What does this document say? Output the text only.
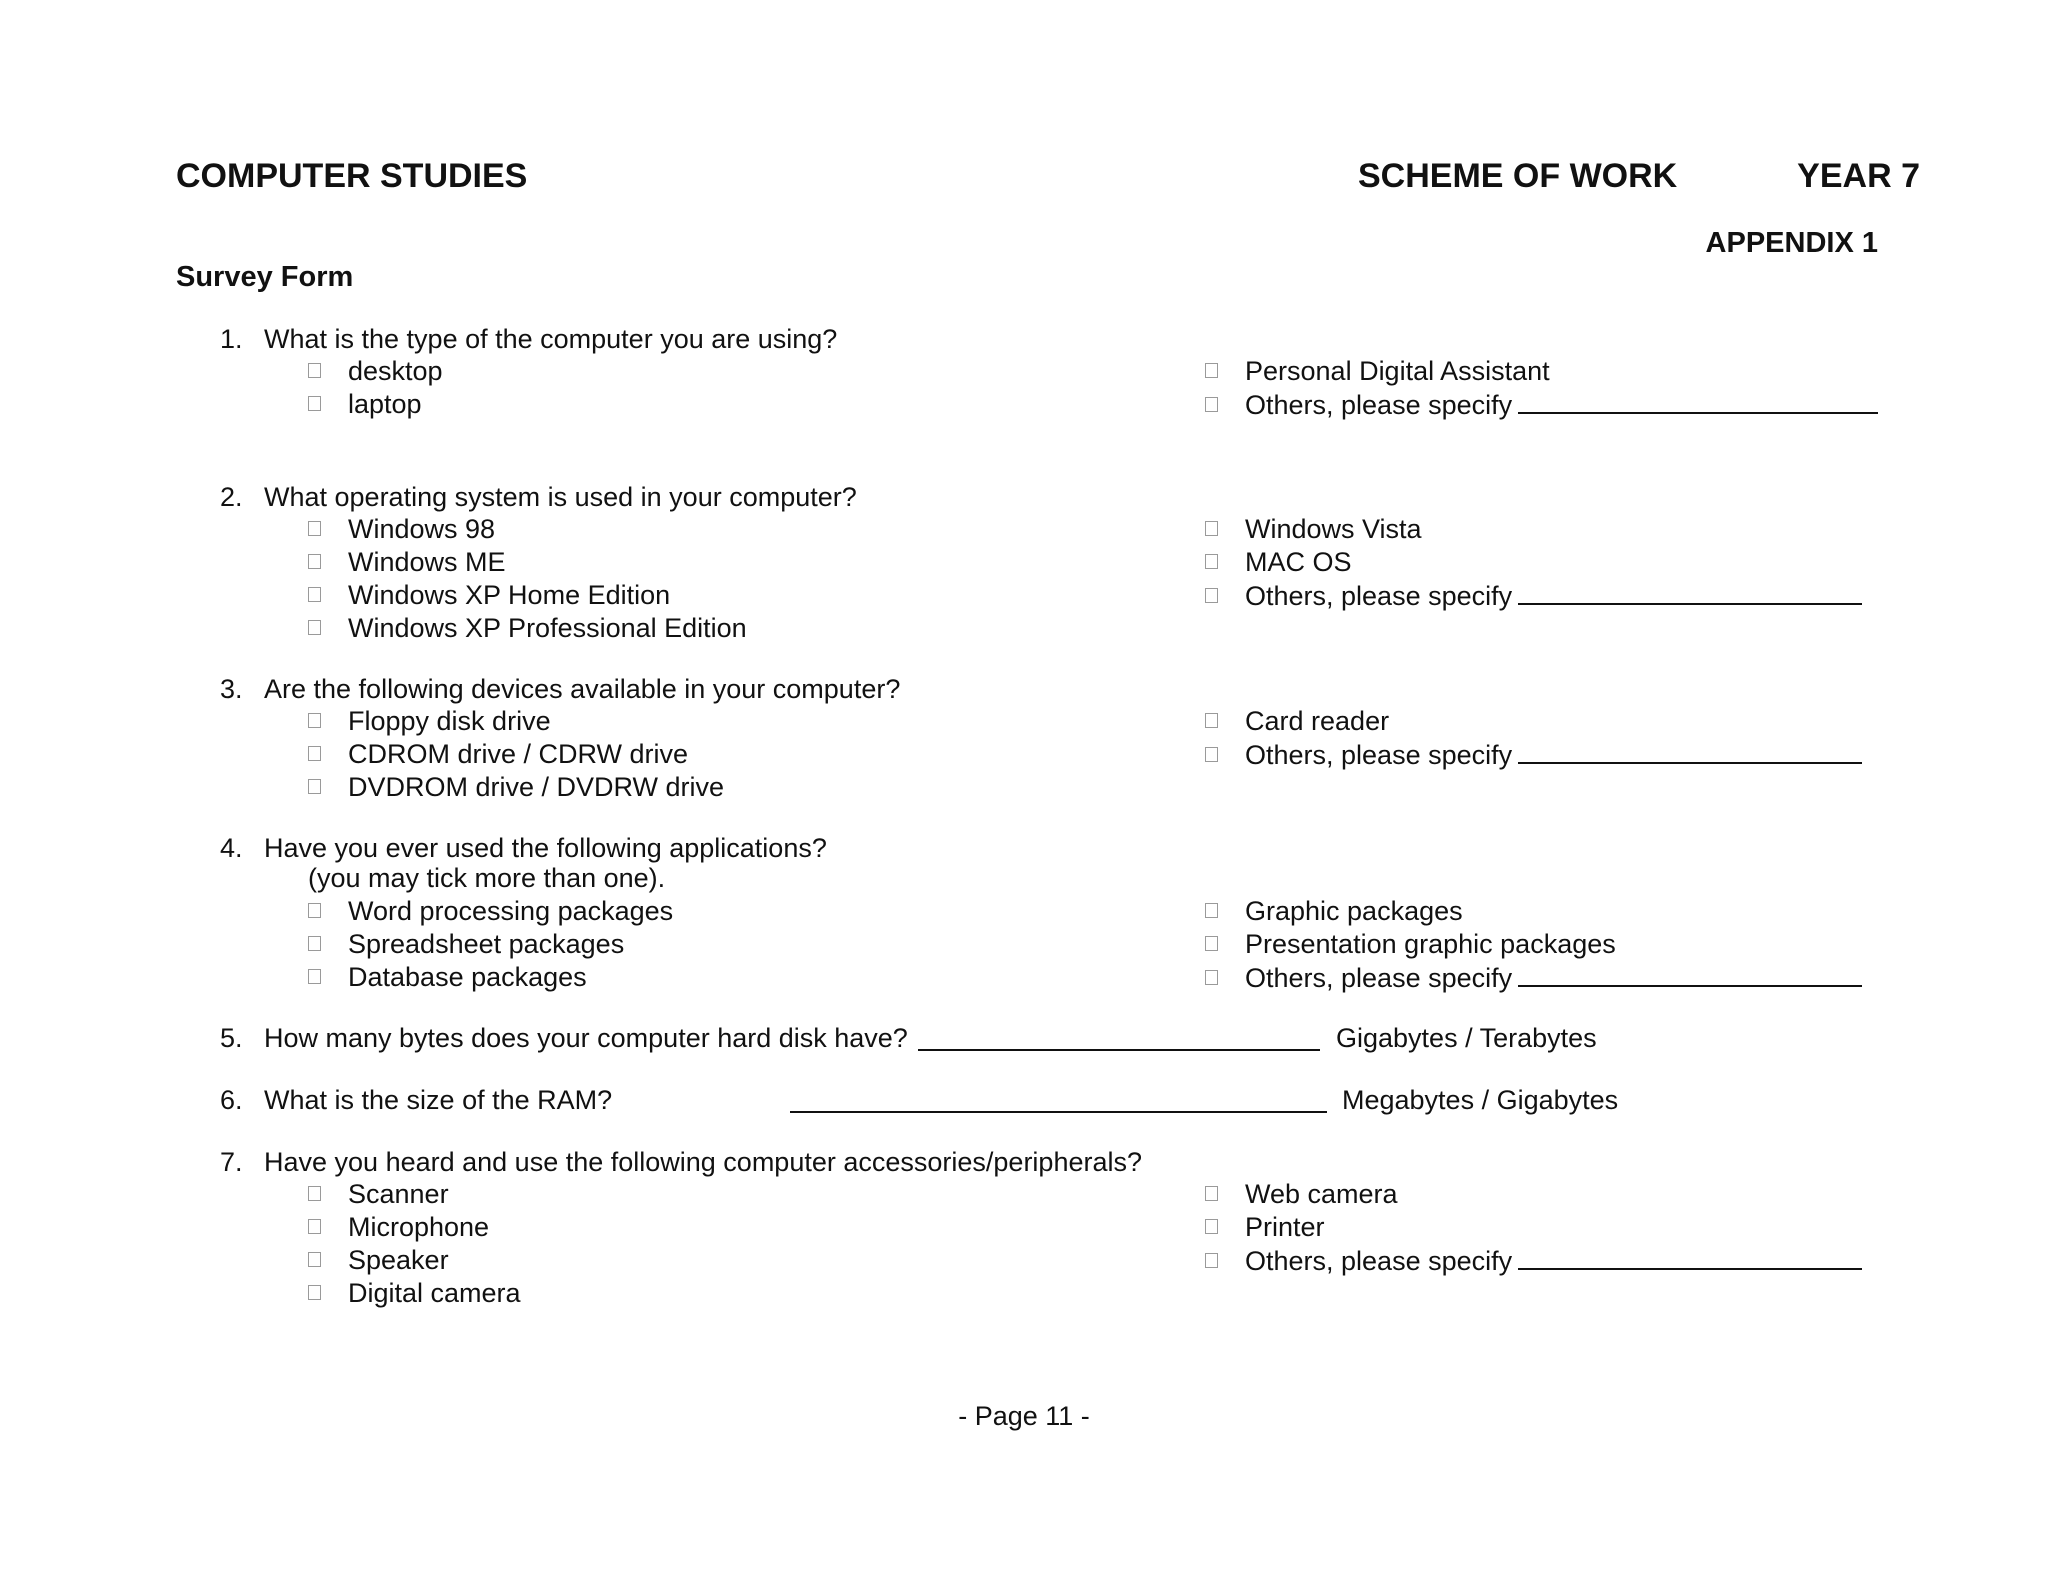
COMPUTER STUDIES	SCHEME OF WORK	YEAR 7
APPENDIX 1
Survey Form
1. What is the type of the computer you are using?
desktop
laptop
Personal Digital Assistant
Others, please specify
2. What operating system is used in your computer?
Windows 98
Windows ME
Windows XP Home Edition
Windows XP Professional Edition
Windows Vista
MAC OS
Others, please specify
3. Are the following devices available in your computer?
Floppy disk drive
CDROM drive / CDRW drive
DVDROM drive / DVDRW drive
Card reader
Others, please specify
4. Have you ever used the following applications?
(you may tick more than one).
Word processing packages
Spreadsheet packages
Database packages
Graphic packages
Presentation graphic packages
Others, please specify
5. How many bytes does your computer hard disk have?	Gigabytes / Terabytes
6. What is the size of the RAM?	Megabytes / Gigabytes
7. Have you heard and use the following computer accessories/peripherals?
Scanner
Microphone
Speaker
Digital camera
Web camera
Printer
Others, please specify
- Page 11 -
